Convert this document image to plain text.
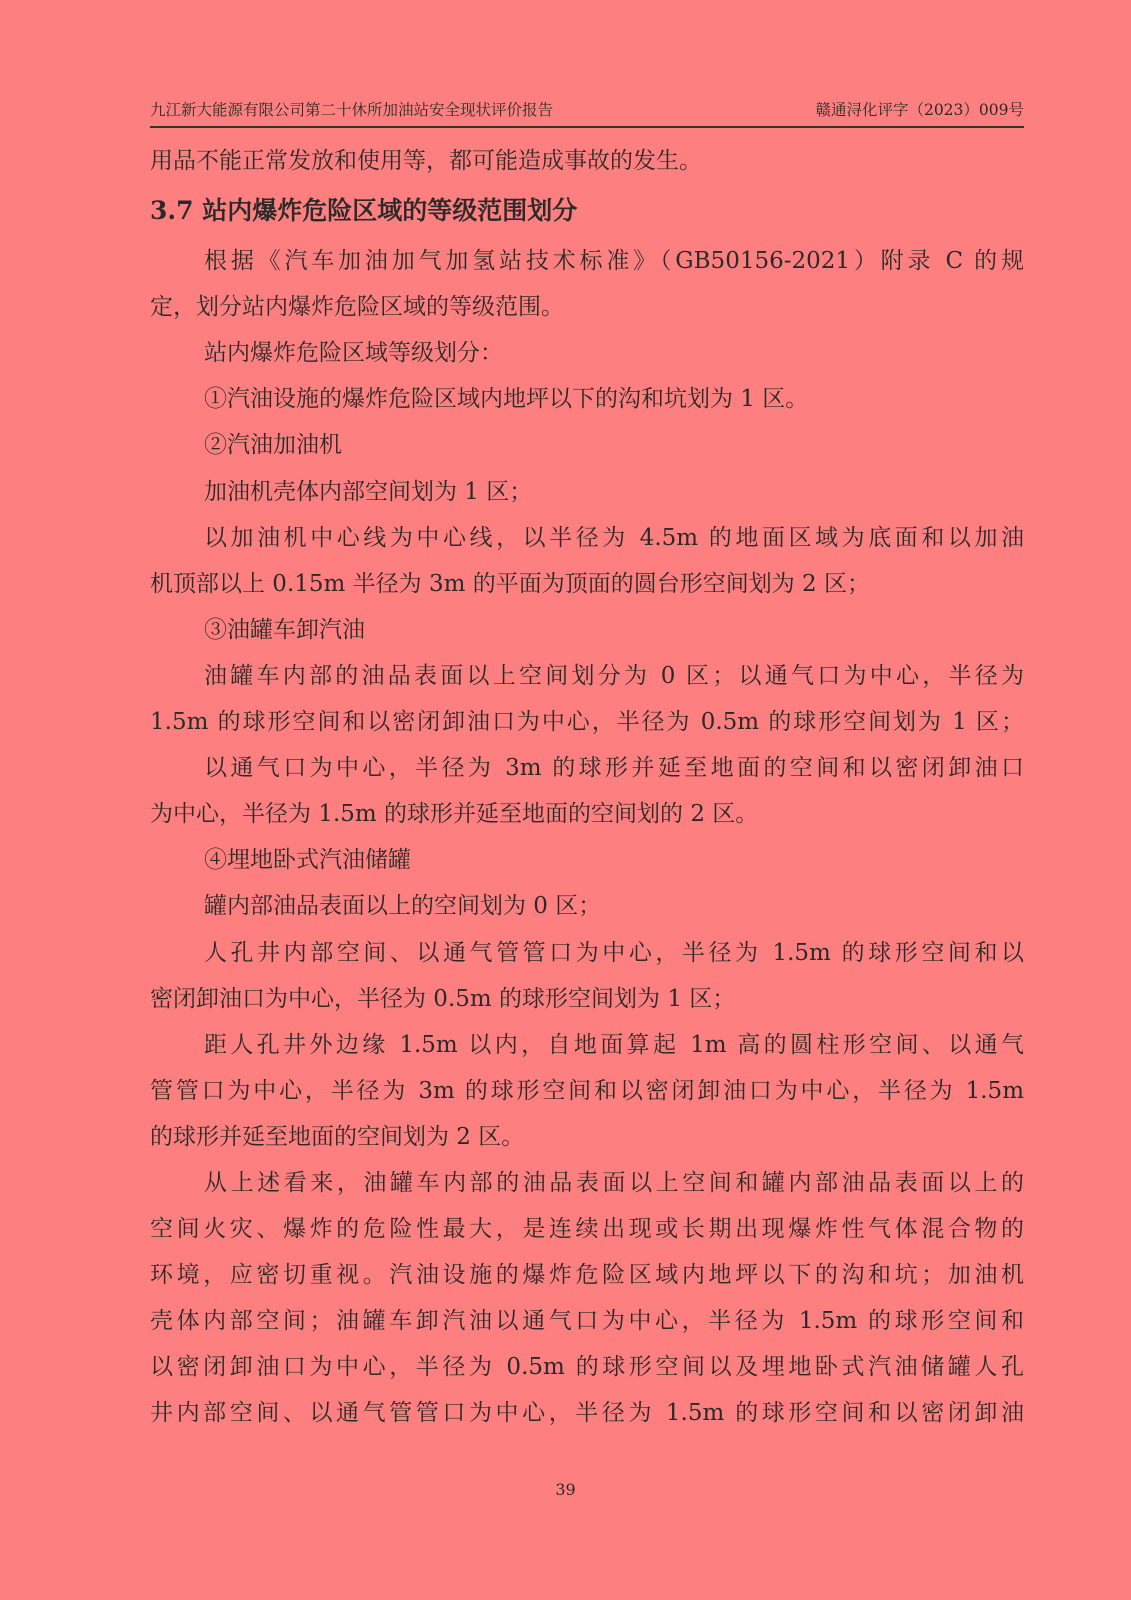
九江新大能源有限公司第二十休所加油站安全现状评价报告	赣通浔化评字（2023）009号
用品不能正常发放和使用等，都可能造成事故的发生。
3.7 站内爆炸危险区域的等级范围划分
根据《汽车加油加气加氢站技术标准》（GB50156-2021）附录 C 的规
定，划分站内爆炸危险区域的等级范围。
站内爆炸危险区域等级划分：
①汽油设施的爆炸危险区域内地坪以下的沟和坑划为 1 区。
②汽油加油机
加油机壳体内部空间划为 1 区；
以加油机中心线为中心线，以半径为 4.5m 的地面区域为底面和以加油
机顶部以上 0.15m 半径为 3m 的平面为顶面的圆台形空间划为 2 区；
③油罐车卸汽油
油罐车内部的油品表面以上空间划分为 0 区；以通气口为中心，半径为
1.5m 的球形空间和以密闭卸油口为中心，半径为 0.5m 的球形空间划为 1 区；
以通气口为中心，半径为 3m 的球形并延至地面的空间和以密闭卸油口
为中心，半径为 1.5m 的球形并延至地面的空间划的 2 区。
④埋地卧式汽油储罐
罐内部油品表面以上的空间划为 0 区；
人孔井内部空间、以通气管管口为中心，半径为 1.5m 的球形空间和以
密闭卸油口为中心，半径为 0.5m 的球形空间划为 1 区；
距人孔井外边缘 1.5m 以内，自地面算起 1m 高的圆柱形空间、以通气
管管口为中心，半径为 3m 的球形空间和以密闭卸油口为中心，半径为 1.5m
的球形并延至地面的空间划为 2 区。
从上述看来，油罐车内部的油品表面以上空间和罐内部油品表面以上的
空间火灾、爆炸的危险性最大，是连续出现或长期出现爆炸性气体混合物的
环境，应密切重视。汽油设施的爆炸危险区域内地坪以下的沟和坑；加油机
壳体内部空间；油罐车卸汽油以通气口为中心，半径为 1.5m 的球形空间和
以密闭卸油口为中心，半径为 0.5m 的球形空间以及埋地卧式汽油储罐人孔
井内部空间、以通气管管口为中心，半径为 1.5m 的球形空间和以密闭卸油
39
